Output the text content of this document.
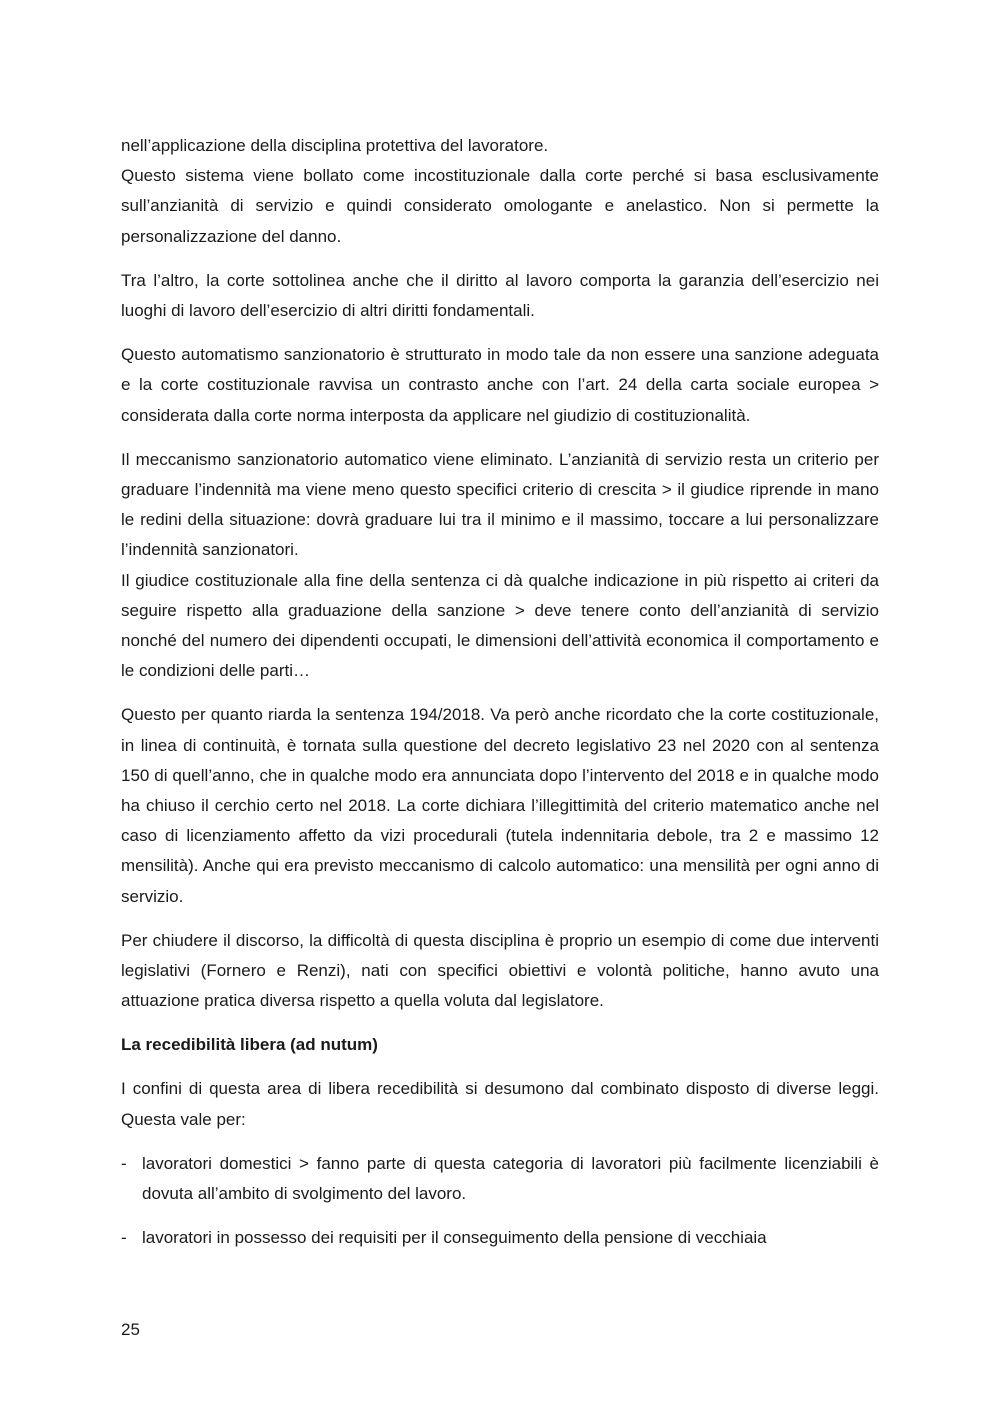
nell’applicazione della disciplina protettiva del lavoratore.

Questo sistema viene bollato come incostituzionale dalla corte perché si basa esclusivamente sull’anzianità di servizio e quindi considerato omologante e anelastico. Non si permette la personalizzazione del danno.

Tra l’altro, la corte sottolinea anche che il diritto al lavoro comporta la garanzia dell’esercizio nei luoghi di lavoro dell’esercizio di altri diritti fondamentali.

Questo automatismo sanzionatorio è strutturato in modo tale da non essere una sanzione adeguata e la corte costituzionale ravvisa un contrasto anche con l’art. 24 della carta sociale europea > considerata dalla corte norma interposta da applicare nel giudizio di costituzionalità.

Il meccanismo sanzionatorio automatico viene eliminato. L’anzianità di servizio resta un criterio per graduare l’indennità ma viene meno questo specifici criterio di crescita > il giudice riprende in mano le redini della situazione: dovrà graduare lui tra il minimo e il massimo, toccare a lui personalizzare l’indennità sanzionatori.

Il giudice costituzionale alla fine della sentenza ci dà qualche indicazione in più rispetto ai criteri da seguire rispetto alla graduazione della sanzione > deve tenere conto dell’anzianità di servizio nonché del numero dei dipendenti occupati, le dimensioni dell’attività economica il comportamento e le condizioni delle parti…

Questo per quanto riarda la sentenza 194/2018. Va però anche ricordato che la corte costituzionale, in linea di continuità, è tornata sulla questione del decreto legislativo 23 nel 2020 con al sentenza 150 di quell’anno, che in qualche modo era annunciata dopo l’intervento del 2018 e in qualche modo ha chiuso il cerchio certo nel 2018. La corte dichiara l’illegittimità del criterio matematico anche nel caso di licenziamento affetto da vizi procedurali (tutela indennitaria debole, tra 2 e massimo 12 mensilità). Anche qui era previsto meccanismo di calcolo automatico: una mensilità per ogni anno di servizio.

Per chiudere il discorso, la difficoltà di questa disciplina è proprio un esempio di come due interventi legislativi (Fornero e Renzi), nati con specifici obiettivi e volontà politiche, hanno avuto una attuazione pratica diversa rispetto a quella voluta dal legislatore.

La recedibilità libera (ad nutum)

I confini di questa area di libera recedibilità si desumono dal combinato disposto di diverse leggi. Questa vale per:

- lavoratori domestici > fanno parte di questa categoria di lavoratori più facilmente licenziabili è dovuta all’ambito di svolgimento del lavoro.
- lavoratori in possesso dei requisiti per il conseguimento della pensione di vecchiaia
25
